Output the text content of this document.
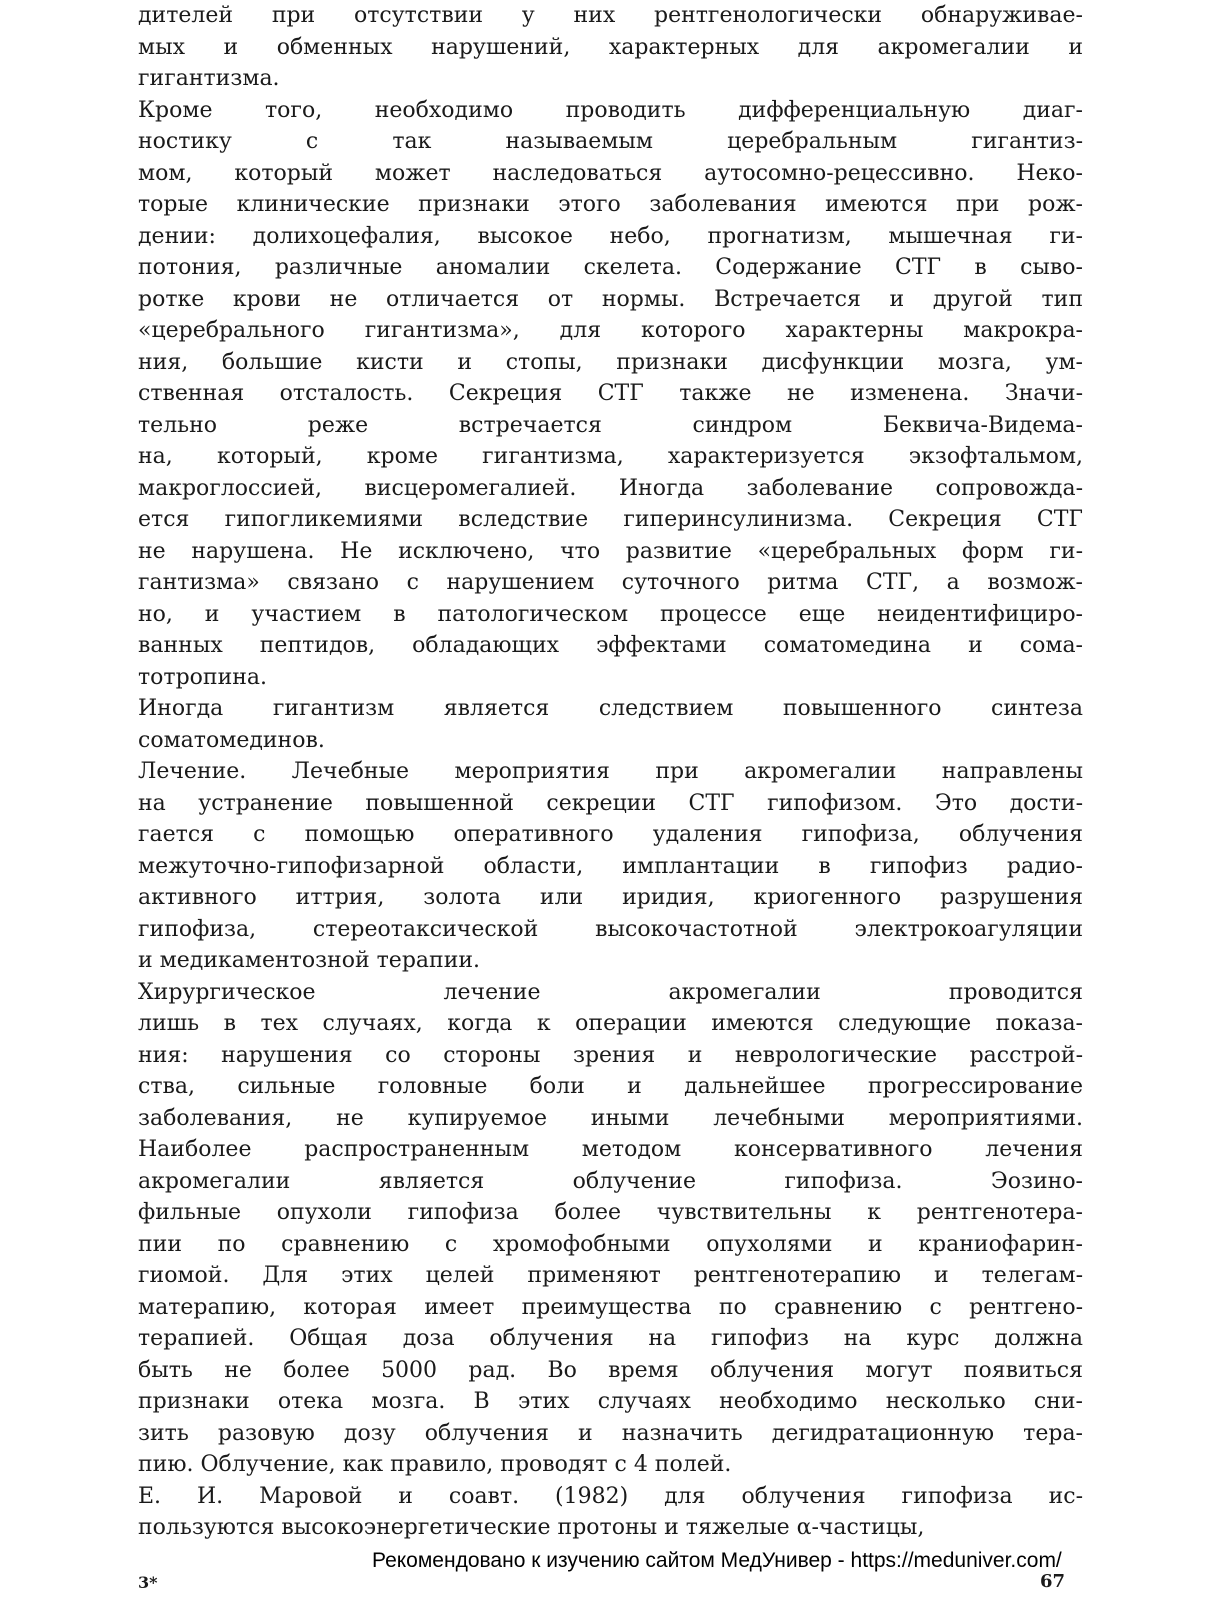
дителей при отсутствии у них рентгенологически обнаруживае-
мых и обменных нарушений, характерных для акромегалии и
гигантизма.
Кроме того, необходимо проводить дифференциальную диаг-
ностику с так называемым церебральным гигантиз-
мом, который может наследоваться аутосомно-рецессивно. Неко-
торые клинические признаки этого заболевания имеются при рож-
дении: долихоцефалия, высокое небо, прогнатизм, мышечная ги-
потония, различные аномалии скелета. Содержание СТГ в сыво-
ротке крови не отличается от нормы. Встречается и другой тип
«церебрального гигантизма», для которого характерны макрокра-
ния, большие кисти и стопы, признаки дисфункции мозга, ум-
ственная отсталость. Секреция СТГ также не изменена. Значи-
тельно реже встречается синдром Беквича-Видема-
на, который, кроме гигантизма, характеризуется экзофтальмом,
макроглоссией, висцеромегалией. Иногда заболевание сопровожда-
ется гипогликемиями вследствие гиперинсулинизма. Секреция СТГ
не нарушена. Не исключено, что развитие «церебральных форм ги-
гантизма» связано с нарушением суточного ритма СТГ, а возмож-
но, и участием в патологическом процессе еще неидентифициро-
ванных пептидов, обладающих эффектами соматомедина и сома-
тотропина.
Иногда гигантизм является следствием повышенного синтеза
соматомединов.
Лечение. Лечебные мероприятия при акромегалии направлены
на устранение повышенной секреции СТГ гипофизом. Это дости-
гается с помощью оперативного удаления гипофиза, облучения
межуточно-гипофизарной области, имплантации в гипофиз радио-
активного иттрия, золота или иридия, криогенного разрушения
гипофиза, стереотаксической высокочастотной электрокоагуляции
и медикаментозной терапии.
Хирургическое лечение акромегалии проводится
лишь в тех случаях, когда к операции имеются следующие показа-
ния: нарушения со стороны зрения и неврологические расстрой-
ства, сильные головные боли и дальнейшее прогрессирование
заболевания, не купируемое иными лечебными мероприятиями.
Наиболее распространенным методом консервативного лечения
акромегалии является облучение гипофиза. Эозино-
фильные опухоли гипофиза более чувствительны к рентгенотера-
пии по сравнению с хромофобными опухолями и краниофарин-
гиомой. Для этих целей применяют рентгенотерапию и телегам-
матерапию, которая имеет преимущества по сравнению с рентгено-
терапией. Общая доза облучения на гипофиз на курс должна
быть не более 5000 рад. Во время облучения могут появиться
признаки отека мозга. В этих случаях необходимо несколько сни-
зить разовую дозу облучения и назначить дегидратационную тера-
пию. Облучение, как правило, проводят с 4 полей.
Е. И. Маровой и соавт. (1982) для облучения гипофиза ис-
пользуются высокоэнергетические протоны и тяжелые α-частицы,
3*	67
Рекомендовано к изучению сайтом МедУнивер - https://meduniver.com/
